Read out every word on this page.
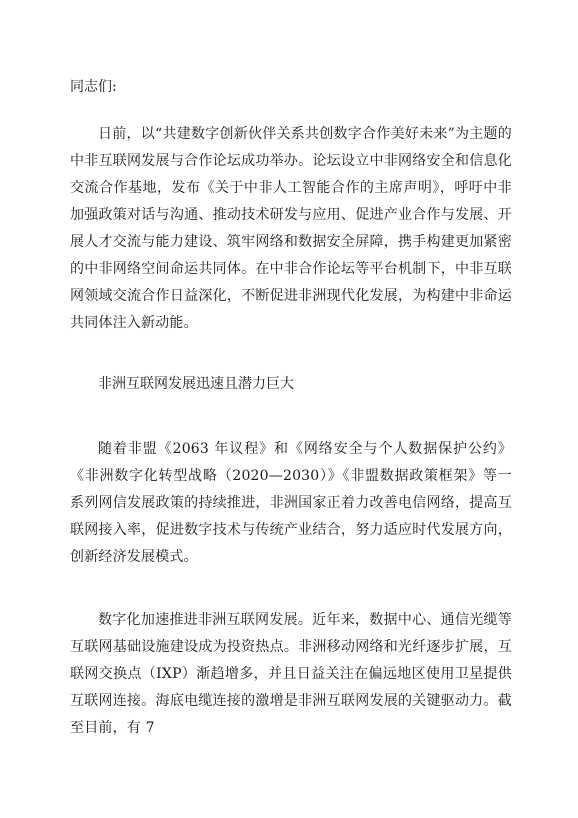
同志们:

日前，以“共建数字创新伙伴关系共创数字合作美好未来”为主题的中非互联网发展与合作论坛成功举办。论坛设立中非网络安全和信息化交流合作基地，发布《关于中非人工智能合作的主席声明》，呼吁中非加强政策对话与沟通、推动技术研发与应用、促进产业合作与发展、开展人才交流与能力建设、筑牢网络和数据安全屏障，携手构建更加紧密的中非网络空间命运共同体。在中非合作论坛等平台机制下，中非互联网领域交流合作日益深化，不断促进非洲现代化发展，为构建中非命运共同体注入新动能。

非洲互联网发展迅速且潜力巨大

随着非盟《2063 年议程》和《网络安全与个人数据保护公约》《非洲数字化转型战略（2020—2030）》《非盟数据政策框架》等一系列网信发展政策的持续推进，非洲国家正着力改善电信网络，提高互联网接入率，促进数字技术与传统产业结合，努力适应时代发展方向，创新经济发展模式。

数字化加速推进非洲互联网发展。近年来，数据中心、通信光缆等互联网基础设施建设成为投资热点。非洲移动网络和光纤逐步扩展，互联网交换点（IXP）渐趋增多，并且日益关注在偏远地区使用卫星提供互联网连接。海底电缆连接的激增是非洲互联网发展的关键驱动力。截至目前，有 7
